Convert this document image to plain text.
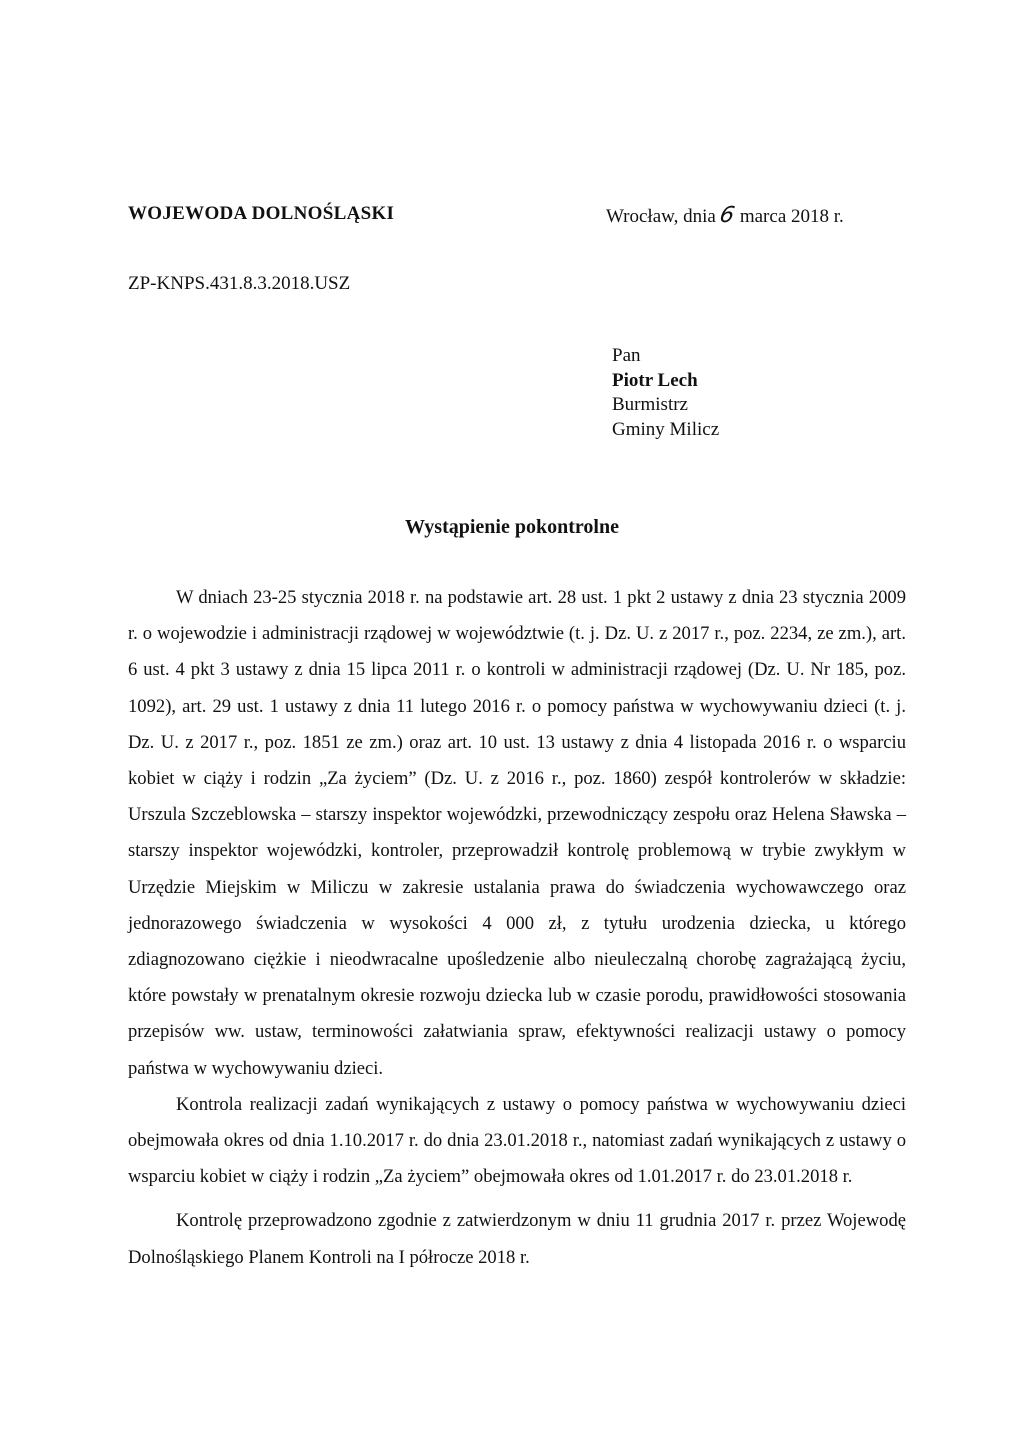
WOJEWODA DOLNOŚLĄSKI	Wrocław, dnia6 marca 2018 r.
ZP-KNPS.431.8.3.2018.USZ
Pan
Piotr Lech
Burmistrz
Gminy Milicz
Wystąpienie pokontrolne

W dniach 23-25 stycznia 2018 r. na podstawie art. 28 ust. 1 pkt 2 ustawy z dnia 23 stycznia 2009 r. o wojewodzie i administracji rządowej w województwie (t. j. Dz. U. z 2017 r., poz. 2234, ze zm.), art. 6 ust. 4 pkt 3 ustawy z dnia 15 lipca 2011 r. o kontroli w administracji rządowej (Dz. U. Nr 185, poz. 1092), art. 29 ust. 1 ustawy z dnia 11 lutego 2016 r. o pomocy państwa w wychowywaniu dzieci (t. j. Dz. U. z 2017 r., poz. 1851 ze zm.) oraz art. 10 ust. 13 ustawy z dnia 4 listopada 2016 r. o wsparciu kobiet w ciąży i rodzin „Za życiem” (Dz. U. z 2016 r., poz. 1860) zespół kontrolerów w składzie: Urszula Szczeblowska – starszy inspektor wojewódzki, przewodniczący zespołu oraz Helena Sławska – starszy inspektor wojewódzki, kontroler, przeprowadził kontrolę problemową w trybie zwykłym w Urzędzie Miejskim w Miliczu w zakresie ustalania prawa do świadczenia wychowawczego oraz jednorazowego świadczenia w wysokości 4 000 zł, z tytułu urodzenia dziecka, u którego zdiagnozowano ciężkie i nieodwracalne upośledzenie albo nieuleczalną chorobę zagrażającą życiu, które powstały w prenatalnym okresie rozwoju dziecka lub w czasie porodu, prawidłowości stosowania przepisów ww. ustaw, terminowości załatwiania spraw, efektywności realizacji ustawy o pomocy państwa w wychowywaniu dzieci.

Kontrola realizacji zadań wynikających z ustawy o pomocy państwa w wychowywaniu dzieci obejmowała okres od dnia 1.10.2017 r. do dnia 23.01.2018 r., natomiast zadań wynikających z ustawy o wsparciu kobiet w ciąży i rodzin „Za życiem” obejmowała okres od 1.01.2017 r. do 23.01.2018 r.

Kontrolę przeprowadzono zgodnie z zatwierdzonym w dniu 11 grudnia 2017 r. przez Wojewodę Dolnośląskiego Planem Kontroli na I półrocze 2018 r.
